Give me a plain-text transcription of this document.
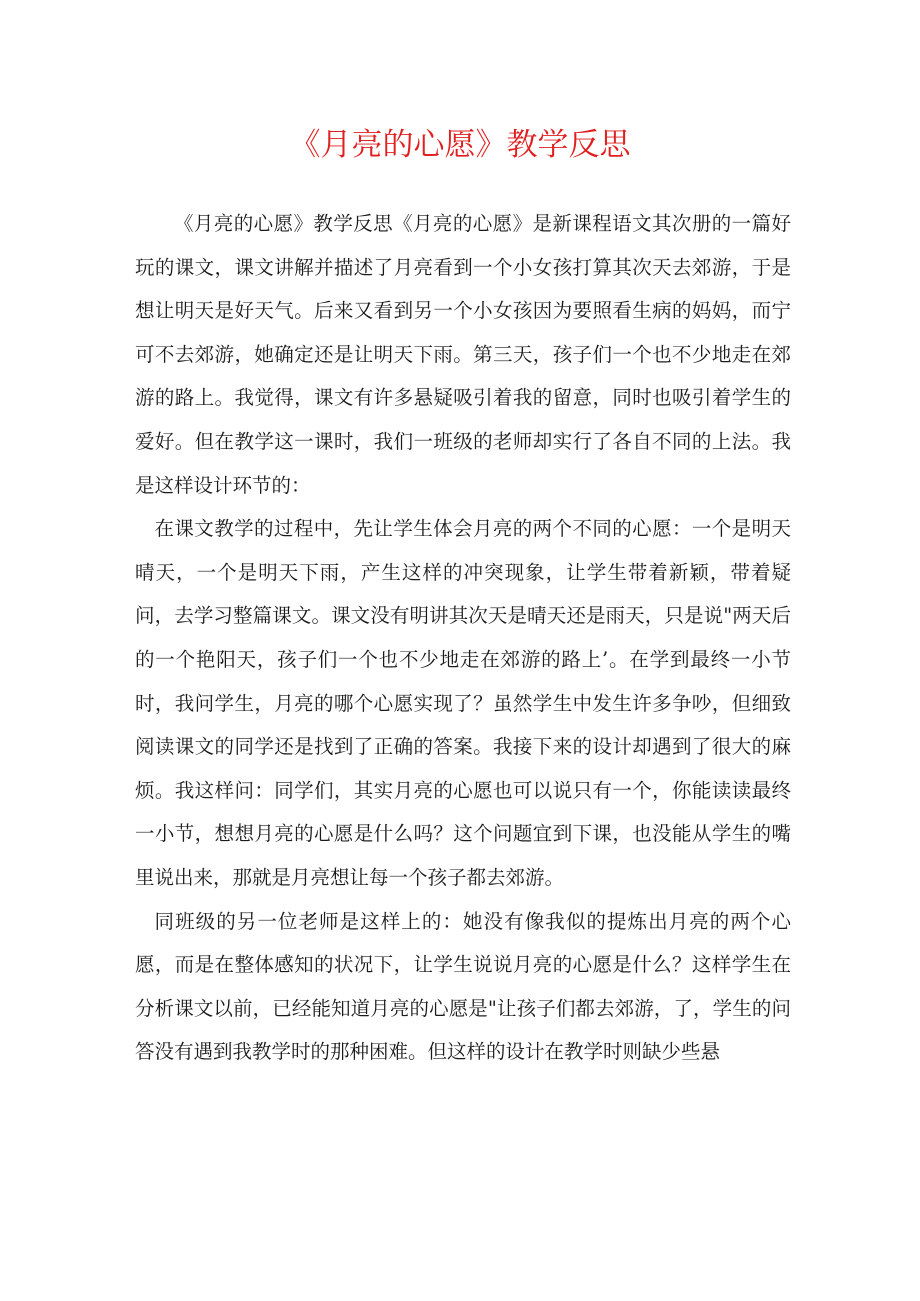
《月亮的心愿》教学反思

《月亮的心愿》教学反思《月亮的心愿》是新课程语文其次册的一篇好玩的课文，课文讲解并描述了月亮看到一个小女孩打算其次天去郊游，于是想让明天是好天气。后来又看到另一个小女孩因为要照看生病的妈妈，而宁可不去郊游，她确定还是让明天下雨。第三天，孩子们一个也不少地走在郊游的路上。我觉得，课文有许多悬疑吸引着我的留意，同时也吸引着学生的爱好。但在教学这一课时，我们一班级的老师却实行了各自不同的上法。我是这样设计环节的：

在课文教学的过程中，先让学生体会月亮的两个不同的心愿：一个是明天晴天，一个是明天下雨，产生这样的冲突现象，让学生带着新颖，带着疑问，去学习整篇课文。课文没有明讲其次天是晴天还是雨天，只是说"两天后的一个艳阳天，孩子们一个也不少地走在郊游的路上’。在学到最终一小节时，我问学生，月亮的哪个心愿实现了？虽然学生中发生许多争吵，但细致阅读课文的同学还是找到了正确的答案。我接下来的设计却遇到了很大的麻烦。我这样问：同学们，其实月亮的心愿也可以说只有一个，你能读读最终一小节，想想月亮的心愿是什么吗？这个问题宜到下课，也没能从学生的嘴里说出来，那就是月亮想让每一个孩子都去郊游。

同班级的另一位老师是这样上的：她没有像我似的提炼出月亮的两个心愿，而是在整体感知的状况下，让学生说说月亮的心愿是什么？这样学生在分析课文以前，已经能知道月亮的心愿是"让孩子们都去郊游，了，学生的问答没有遇到我教学时的那种困难。但这样的设计在教学时则缺少些悬
